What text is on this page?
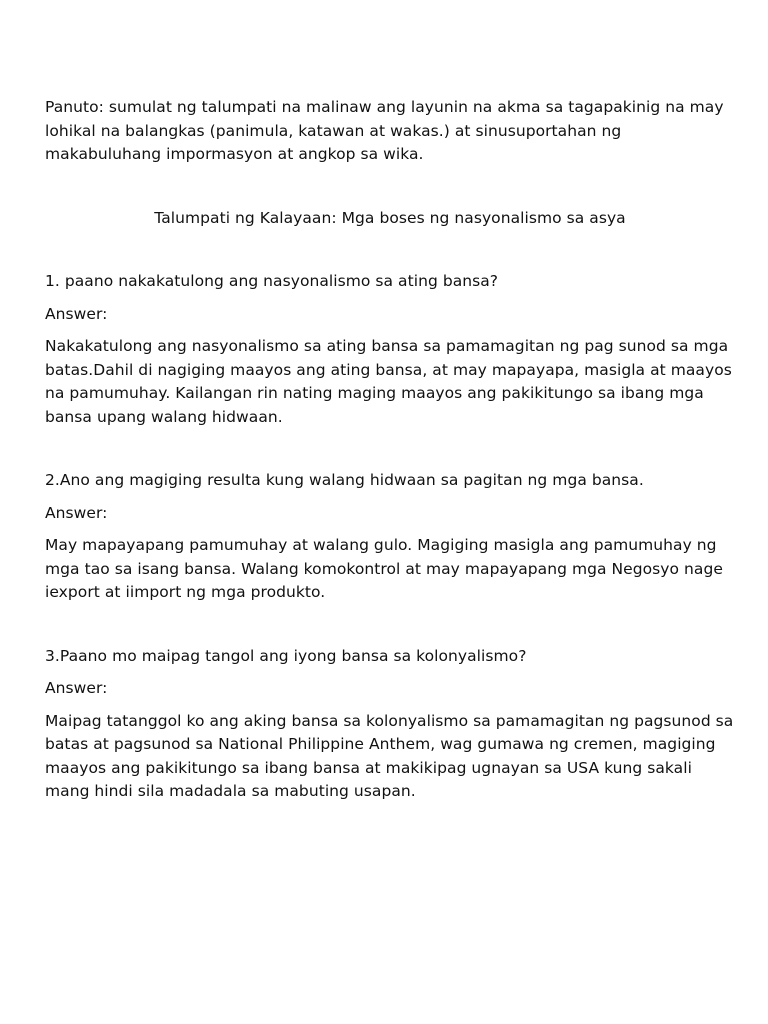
Panuto: sumulat ng talumpati na malinaw ang layunin na akma sa tagapakinig na may lohikal na balangkas (panimula, katawan at wakas.) at sinusuportahan ng makabuluhang impormasyon at angkop sa wika.

Talumpati ng Kalayaan: Mga boses ng nasyonalismo sa asya

1. paano nakakatulong ang nasyonalismo sa ating bansa?

Answer:

Nakakatulong ang nasyonalismo sa ating bansa sa pamamagitan ng pag sunod sa mga batas.Dahil di nagiging maayos ang ating bansa, at may mapayapa, masigla at maayos na pamumuhay. Kailangan rin nating maging maayos ang pakikitungo sa ibang mga bansa upang walang hidwaan.

2.Ano ang magiging resulta kung walang hidwaan sa pagitan ng mga bansa.

Answer:

May mapayapang pamumuhay at walang gulo. Magiging masigla ang pamumuhay ng mga tao sa isang bansa. Walang komokontrol at may mapayapang mga Negosyo nage iexport at iimport ng mga produkto.

3.Paano mo maipag tangol ang iyong bansa sa kolonyalismo?

Answer:

Maipag tatanggol ko ang aking bansa sa kolonyalismo sa pamamagitan ng pagsunod sa batas at pagsunod sa National Philippine Anthem, wag gumawa ng cremen, magiging maayos ang pakikitungo sa ibang bansa at makikipag ugnayan sa USA kung sakali mang hindi sila madadala sa mabuting usapan.
